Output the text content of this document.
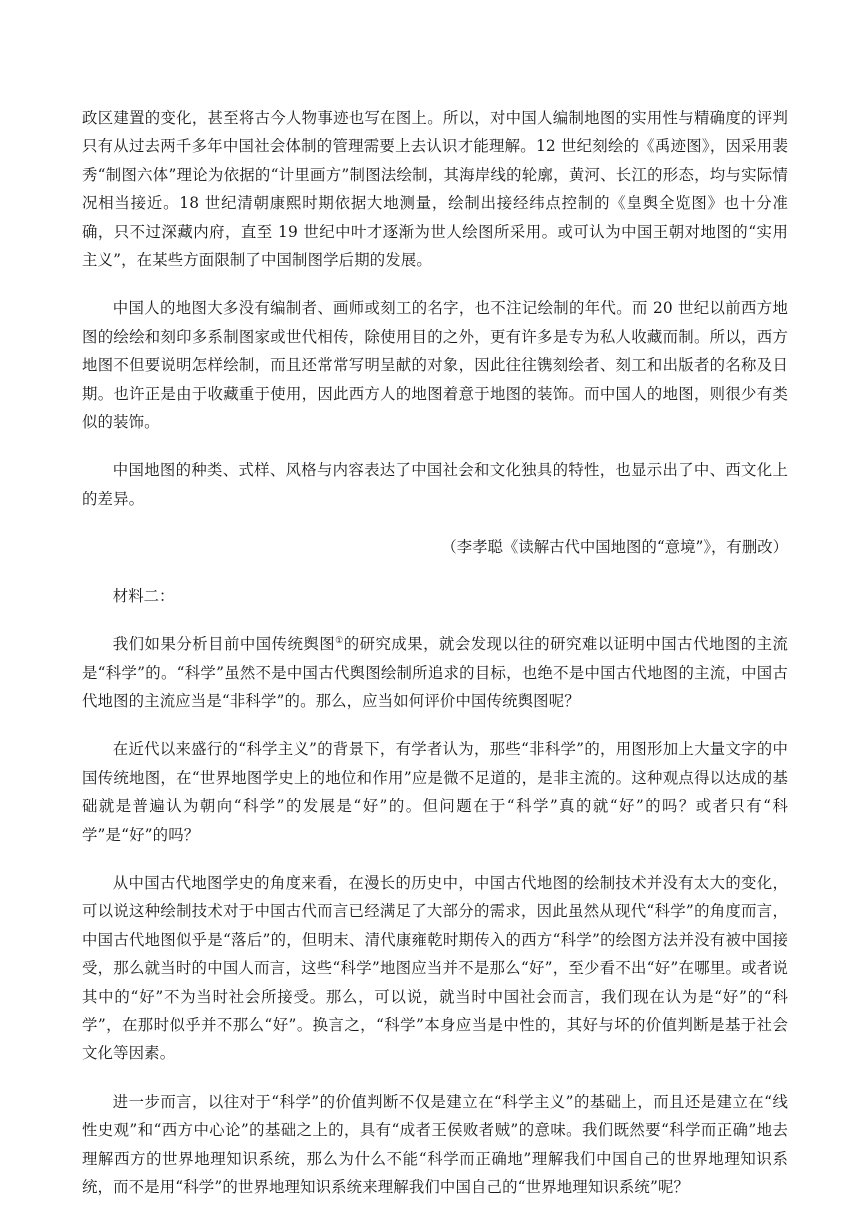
政区建置的变化，甚至将古今人物事迹也写在图上。所以，对中国人编制地图的实用性与精确度的评判只有从过去两千多年中国社会体制的管理需要上去认识才能理解。12 世纪刻绘的《禹迹图》，因采用裴秀“制图六体”理论为依据的“计里画方”制图法绘制，其海岸线的轮廓，黄河、长江的形态，均与实际情况相当接近。18 世纪清朝康熙时期依据大地测量，绘制出接经纬点控制的《皇舆全览图》也十分准确，只不过深藏内府，直至 19 世纪中叶才逐渐为世人绘图所采用。或可认为中国王朝对地图的“实用主义”，在某些方面限制了中国制图学后期的发展。

中国人的地图大多没有编制者、画师或刻工的名字，也不注记绘制的年代。而 20 世纪以前西方地图的绘绘和刻印多系制图家或世代相传，除使用目的之外，更有许多是专为私人收藏而制。所以，西方地图不但要说明怎样绘制，而且还常常写明呈献的对象，因此往往镌刻绘者、刻工和出版者的名称及日期。也许正是由于收藏重于使用，因此西方人的地图着意于地图的装饰。而中国人的地图，则很少有类似的装饰。

中国地图的种类、式样、风格与内容表达了中国社会和文化独具的特性，也显示出了中、西文化上的差异。

（李孝聪《读解古代中国地图的“意境”》，有删改）

材料二：

我们如果分析目前中国传统舆图①的研究成果，就会发现以往的研究难以证明中国古代地图的主流是“科学”的。“科学”虽然不是中国古代舆图绘制所追求的目标，也绝不是中国古代地图的主流，中国古代地图的主流应当是“非科学”的。那么，应当如何评价中国传统舆图呢？

在近代以来盛行的“科学主义”的背景下，有学者认为，那些“非科学”的，用图形加上大量文字的中国传统地图，在“世界地图学史上的地位和作用”应是微不足道的，是非主流的。这种观点得以达成的基础就是普遍认为朝向“科学”的发展是“好”的。但问题在于“科学”真的就“好”的吗？或者只有“科学”是“好”的吗？

从中国古代地图学史的角度来看，在漫长的历史中，中国古代地图的绘制技术并没有太大的变化，可以说这种绘制技术对于中国古代而言已经满足了大部分的需求，因此虽然从现代“科学”的角度而言，中国古代地图似乎是“落后”的，但明末、清代康雍乾时期传入的西方“科学”的绘图方法并没有被中国接受，那么就当时的中国人而言，这些“科学”地图应当并不是那么“好”，至少看不出“好”在哪里。或者说其中的“好”不为当时社会所接受。那么，可以说，就当时中国社会而言，我们现在认为是“好”的“科学”，在那时似乎并不那么“好”。换言之，“科学”本身应当是中性的，其好与坏的价值判断是基于社会文化等因素。

进一步而言，以往对于“科学”的价值判断不仅是建立在“科学主义”的基础上，而且还是建立在“线性史观”和“西方中心论”的基础之上的，具有“成者王侯败者贼”的意味。我们既然要“科学而正确”地去理解西方的世界地理知识系统，那么为什么不能“科学而正确地”理解我们中国自己的世界地理知识系统，而不是用“科学”的世界地理知识系统来理解我们中国自己的“世界地理知识系统”呢？
